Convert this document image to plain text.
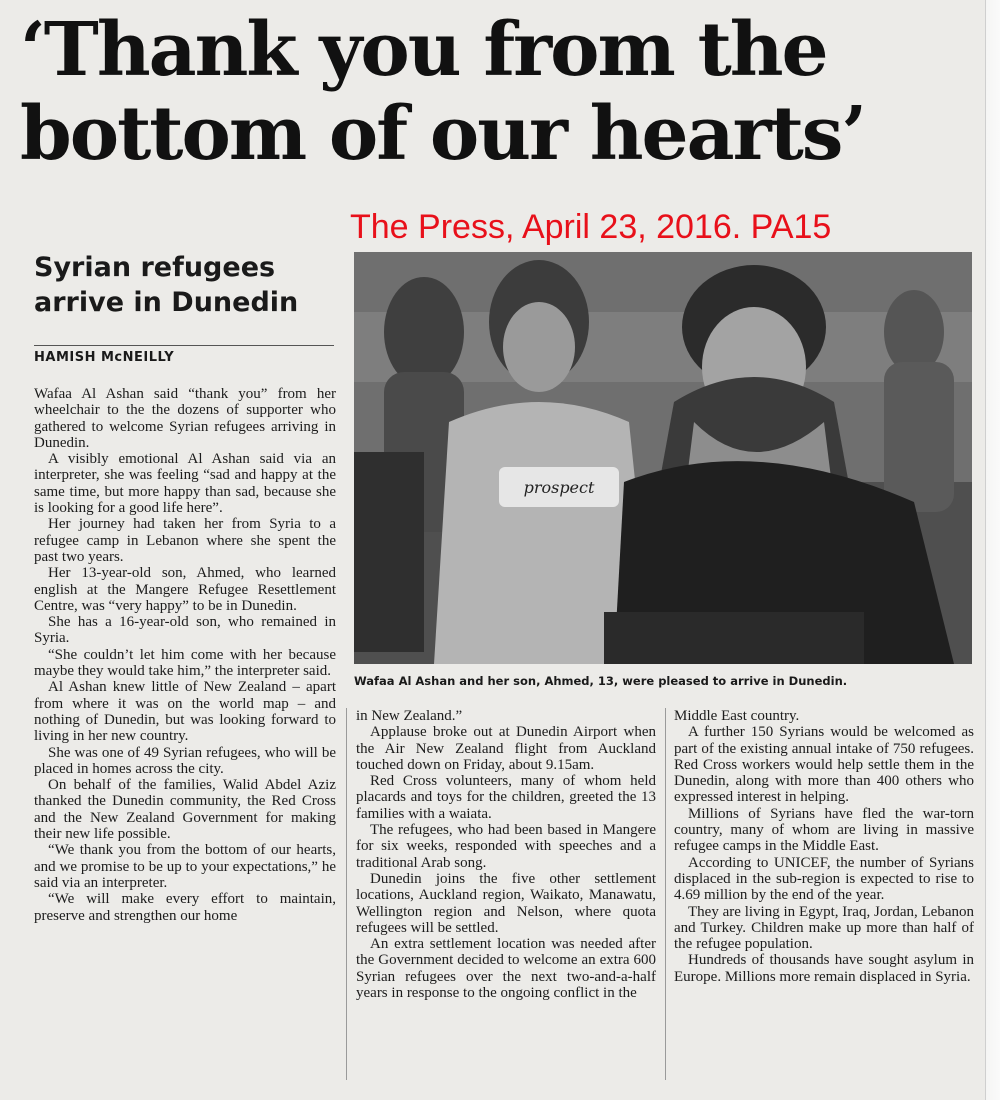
‘Thank you from the bottom of our hearts’
The Press, April 23, 2016. PA15
Syrian refugees arrive in Dunedin
HAMISH McNEILLY
prospect
Wafaa Al Ashan and her son, Ahmed, 13, were pleased to arrive in Dunedin.

Wafaa Al Ashan said “thank you” from her wheelchair to the the dozens of supporter who gathered to welcome Syrian refugees arriving in Dunedin.

A visibly emotional Al Ashan said via an interpreter, she was feeling “sad and happy at the same time, but more happy than sad, because she is looking for a good life here”.

Her journey had taken her from Syria to a refugee camp in Lebanon where she spent the past two years.

Her 13-year-old son, Ahmed, who learned english at the Mangere Refugee Resettlement Centre, was “very happy” to be in Dunedin.

She has a 16-year-old son, who remained in Syria.

“She couldn’t let him come with her because maybe they would take him,” the interpreter said.

Al Ashan knew little of New Zealand – apart from where it was on the world map – and nothing of Dunedin, but was looking forward to living in her new country.

She was one of 49 Syrian refugees, who will be placed in homes across the city.

On behalf of the families, Walid Abdel Aziz thanked the Dunedin community, the Red Cross and the New Zealand Government for making their new life possible.

“We thank you from the bottom of our hearts, and we promise to be up to your expectations,” he said via an interpreter.

“We will make every effort to maintain, preserve and strengthen our home

in New Zealand.”

Applause broke out at Dunedin Airport when the Air New Zealand flight from Auckland touched down on Friday, about 9.15am.

Red Cross volunteers, many of whom held placards and toys for the children, greeted the 13 families with a waiata.

The refugees, who had been based in Mangere for six weeks, responded with speeches and a traditional Arab song.

Dunedin joins the five other settlement locations, Auckland region, Waikato, Manawatu, Wellington region and Nelson, where quota refugees will be settled.

An extra settlement location was needed after the Government decided to welcome an extra 600 Syrian refugees over the next two-and-a-half years in response to the ongoing conflict in the

Middle East country.

A further 150 Syrians would be welcomed as part of the existing annual intake of 750 refugees. Red Cross workers would help settle them in the Dunedin, along with more than 400 others who expressed interest in helping.

Millions of Syrians have fled the war-torn country, many of whom are living in massive refugee camps in the Middle East.

According to UNICEF, the number of Syrians displaced in the sub-region is expected to rise to 4.69 million by the end of the year.

They are living in Egypt, Iraq, Jordan, Lebanon and Turkey. Children make up more than half of the refugee population.

Hundreds of thousands have sought asylum in Europe. Millions more remain displaced in Syria.
